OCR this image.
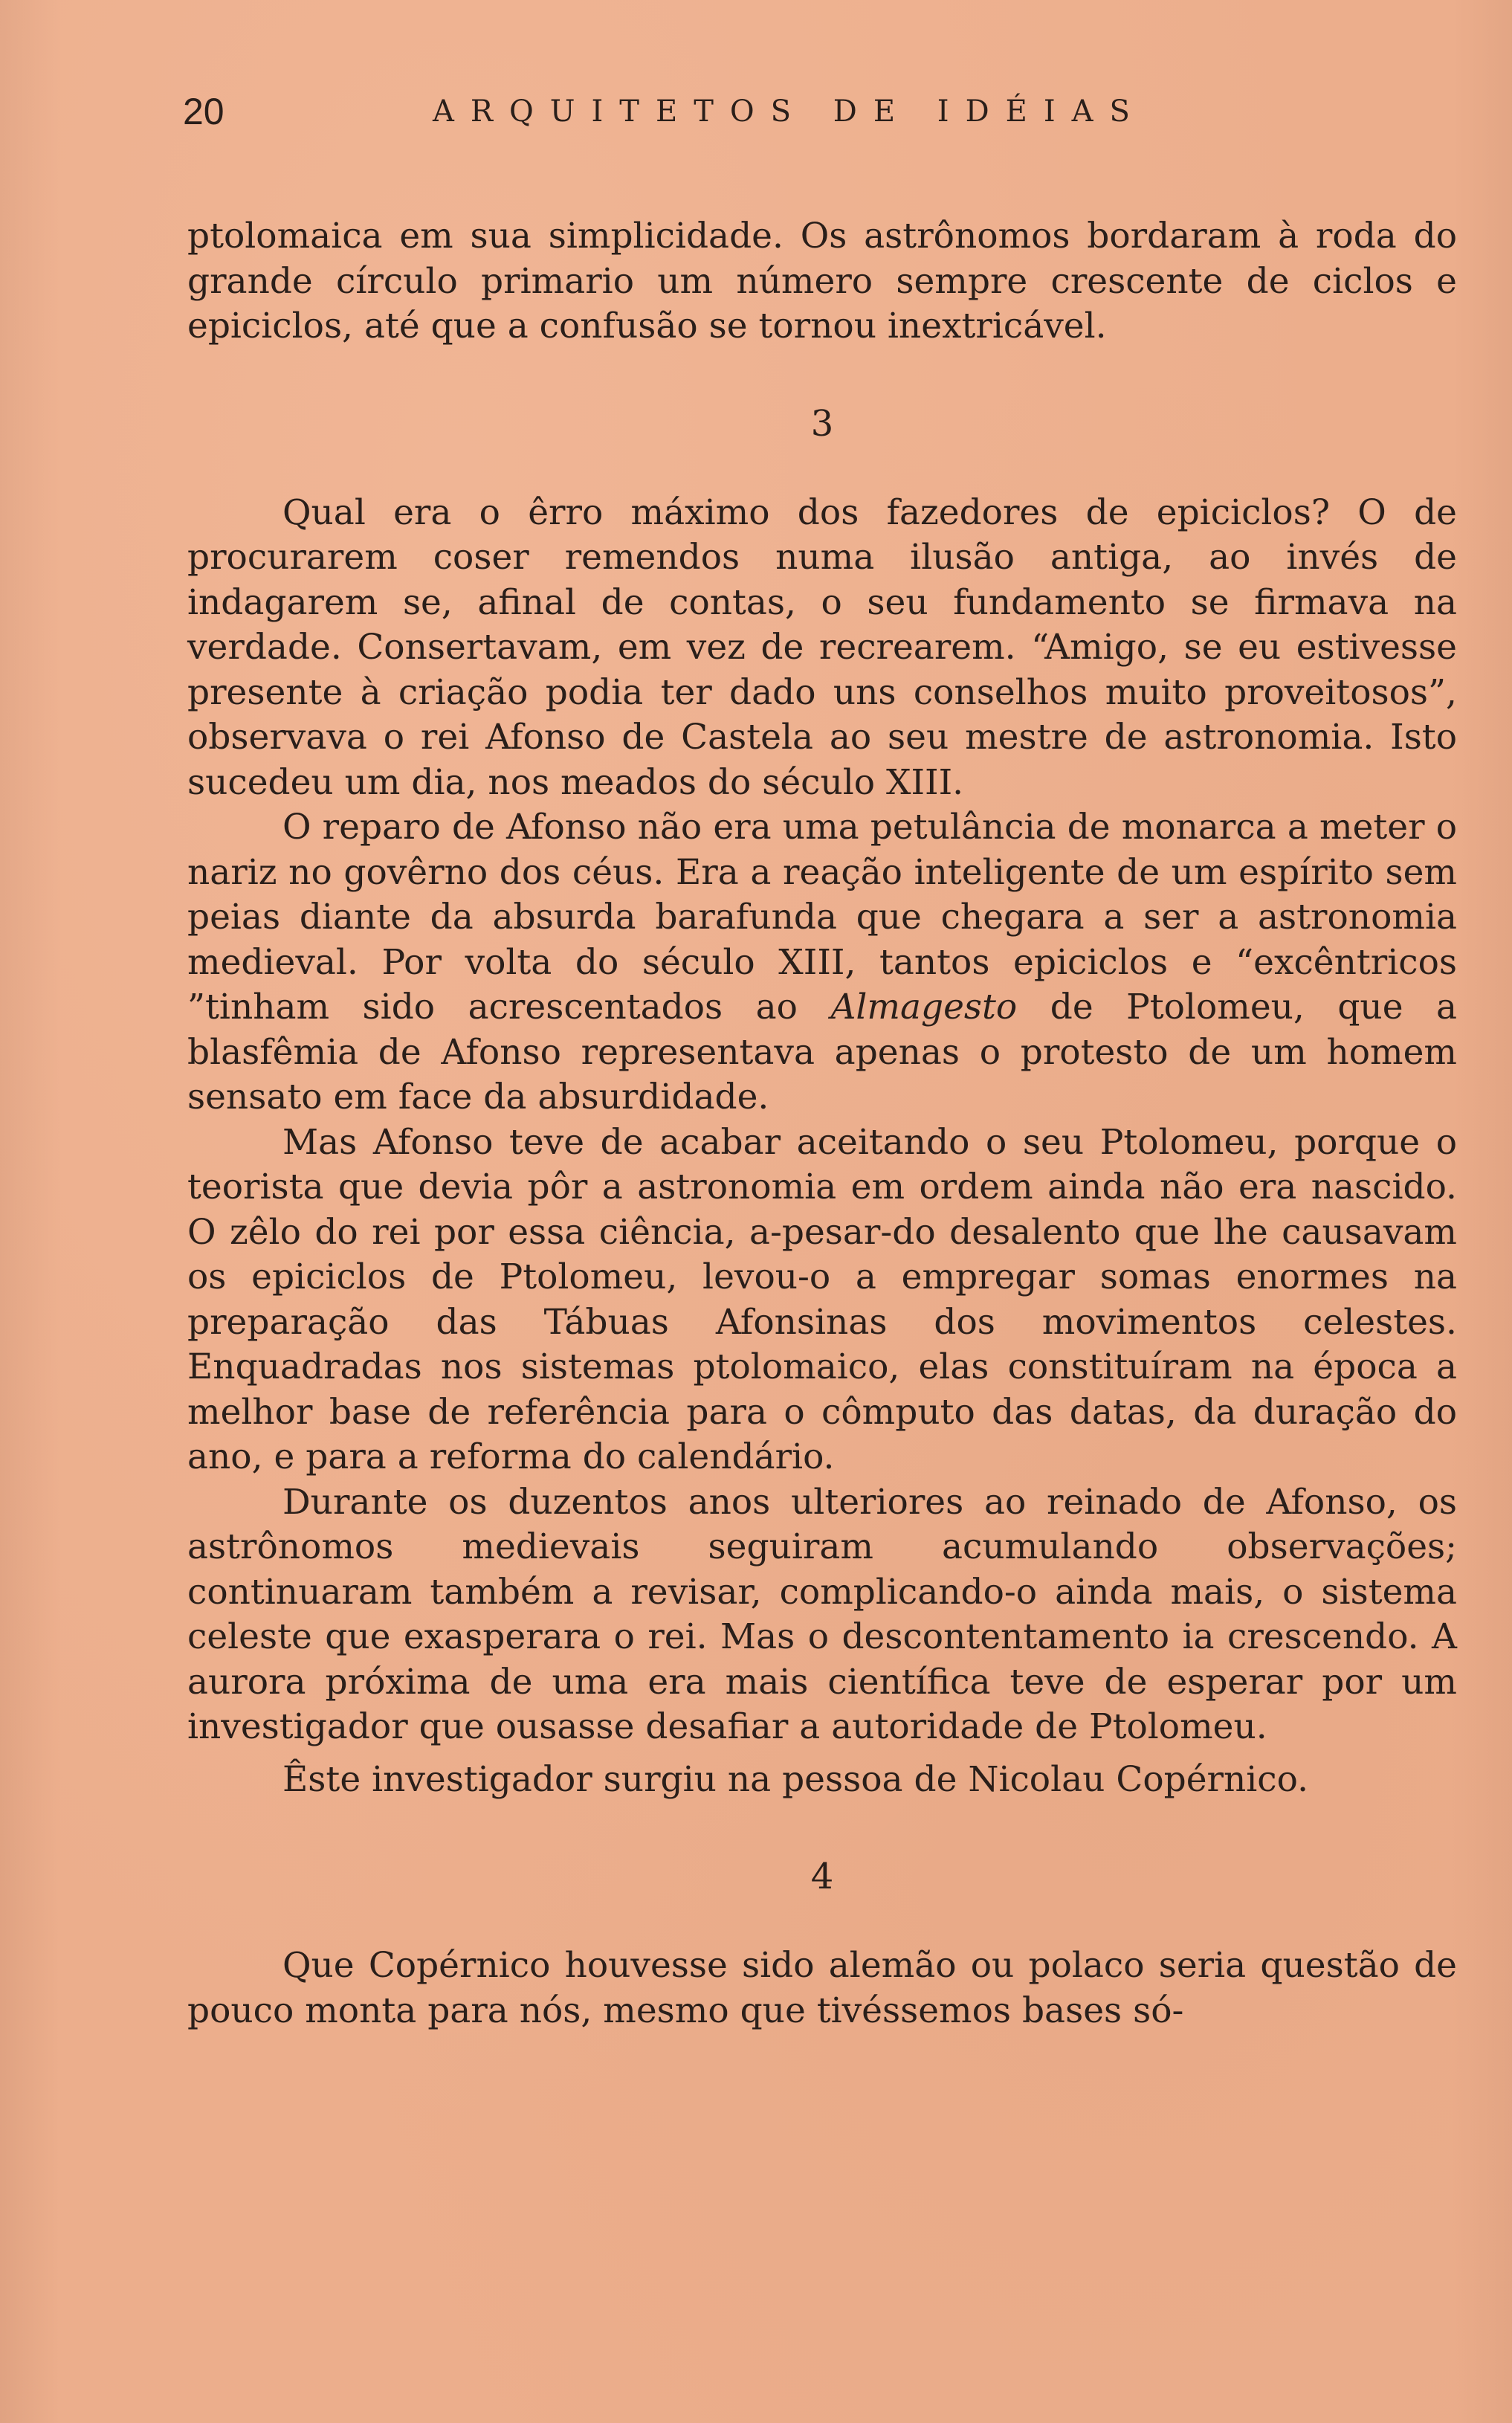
20	ARQUITETOS DE IDÉIAS

ptolomaica em sua simplicidade. Os astrônomos bordaram à roda do grande círculo primario um número sempre crescente de ciclos e epiciclos, até que a confusão se tornou inextricável.

3

Qual era o êrro máximo dos fazedores de epiciclos? O de procurarem coser remendos numa ilusão antiga, ao invés de indagarem se, afinal de contas, o seu fundamento se firmava na verdade. Consertavam, em vez de recrearem. “Amigo, se eu estivesse presente à criação podia ter dado uns conselhos muito proveitosos”, observava o rei Afonso de Castela ao seu mestre de astronomia. Isto sucedeu um dia, nos meados do século XIII.

O reparo de Afonso não era uma petulância de monarca a meter o nariz no govêrno dos céus. Era a reação inteligente de um espírito sem peias diante da absurda barafunda que chegara a ser a astronomia medieval. Por volta do século XIII, tantos epiciclos e “excêntricos ”tinham sido acrescentados ao Almagesto de Ptolomeu, que a blasfêmia de Afonso representava apenas o protesto de um homem sensato em face da absurdidade.

Mas Afonso teve de acabar aceitando o seu Ptolomeu, porque o teorista que devia pôr a astronomia em ordem ainda não era nascido. O zêlo do rei por essa ciência, a-pesar-do desalento que lhe causavam os epiciclos de Ptolomeu, levou-o a empregar somas enormes na preparação das Tábuas Afonsinas dos movimentos celestes. Enquadradas nos sistemas ptolomaico, elas constituíram na época a melhor base de referência para o cômputo das datas, da duração do ano, e para a reforma do calendário.

Durante os duzentos anos ulteriores ao reinado de Afonso, os astrônomos medievais seguiram acumulando observações; continuaram também a revisar, complicando-o ainda mais, o sistema celeste que exasperara o rei. Mas o descontentamento ia crescendo. A aurora próxima de uma era mais científica teve de esperar por um investigador que ousasse desafiar a autoridade de Ptolomeu.

Êste investigador surgiu na pessoa de Nicolau Copérnico.

4

Que Copérnico houvesse sido alemão ou polaco seria questão de pouco monta para nós, mesmo que tivéssemos bases só-
